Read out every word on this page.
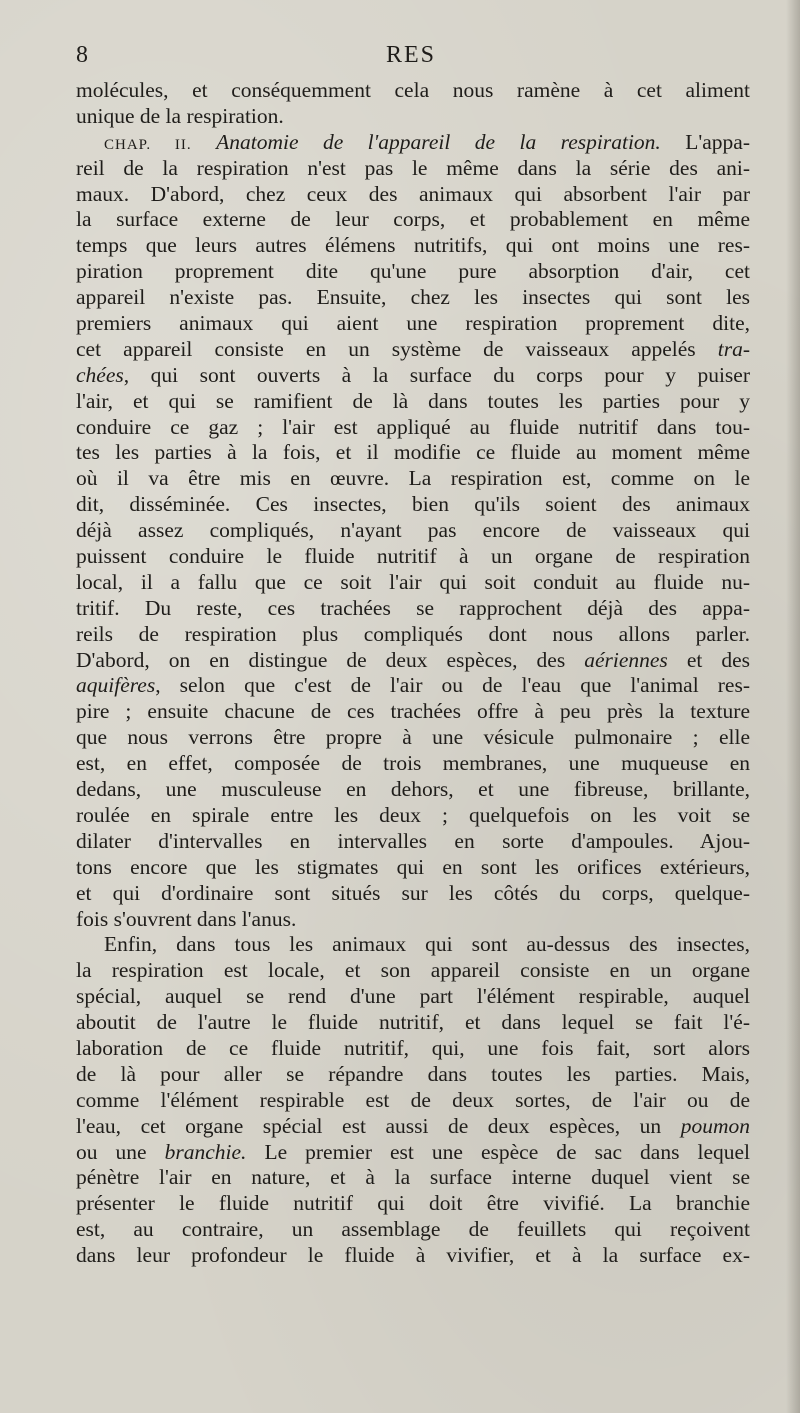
8	RES
molécules, et conséquemment cela nous ramène à cet aliment
unique de la respiration.
CHAP. II. Anatomie de l'appareil de la respiration. L'appa-
reil de la respiration n'est pas le même dans la série des ani-
maux. D'abord, chez ceux des animaux qui absorbent l'air par
la surface externe de leur corps, et probablement en même
temps que leurs autres élémens nutritifs, qui ont moins une res-
piration proprement dite qu'une pure absorption d'air, cet
appareil n'existe pas. Ensuite, chez les insectes qui sont les
premiers animaux qui aient une respiration proprement dite,
cet appareil consiste en un système de vaisseaux appelés tra-
chées, qui sont ouverts à la surface du corps pour y puiser
l'air, et qui se ramifient de là dans toutes les parties pour y
conduire ce gaz ; l'air est appliqué au fluide nutritif dans tou-
tes les parties à la fois, et il modifie ce fluide au moment même
où il va être mis en œuvre. La respiration est, comme on le
dit, disséminée. Ces insectes, bien qu'ils soient des animaux
déjà assez compliqués, n'ayant pas encore de vaisseaux qui
puissent conduire le fluide nutritif à un organe de respiration
local, il a fallu que ce soit l'air qui soit conduit au fluide nu-
tritif. Du reste, ces trachées se rapprochent déjà des appa-
reils de respiration plus compliqués dont nous allons parler.
D'abord, on en distingue de deux espèces, des aériennes et des
aquifères, selon que c'est de l'air ou de l'eau que l'animal res-
pire ; ensuite chacune de ces trachées offre à peu près la texture
que nous verrons être propre à une vésicule pulmonaire ; elle
est, en effet, composée de trois membranes, une muqueuse en
dedans, une musculeuse en dehors, et une fibreuse, brillante,
roulée en spirale entre les deux ; quelquefois on les voit se
dilater d'intervalles en intervalles en sorte d'ampoules. Ajou-
tons encore que les stigmates qui en sont les orifices extérieurs,
et qui d'ordinaire sont situés sur les côtés du corps, quelque-
fois s'ouvrent dans l'anus.
Enfin, dans tous les animaux qui sont au-dessus des insectes,
la respiration est locale, et son appareil consiste en un organe
spécial, auquel se rend d'une part l'élément respirable, auquel
aboutit de l'autre le fluide nutritif, et dans lequel se fait l'é-
laboration de ce fluide nutritif, qui, une fois fait, sort alors
de là pour aller se répandre dans toutes les parties. Mais,
comme l'élément respirable est de deux sortes, de l'air ou de
l'eau, cet organe spécial est aussi de deux espèces, un poumon
ou une branchie. Le premier est une espèce de sac dans lequel
pénètre l'air en nature, et à la surface interne duquel vient se
présenter le fluide nutritif qui doit être vivifié. La branchie
est, au contraire, un assemblage de feuillets qui reçoivent
dans leur profondeur le fluide à vivifier, et à la surface ex-
